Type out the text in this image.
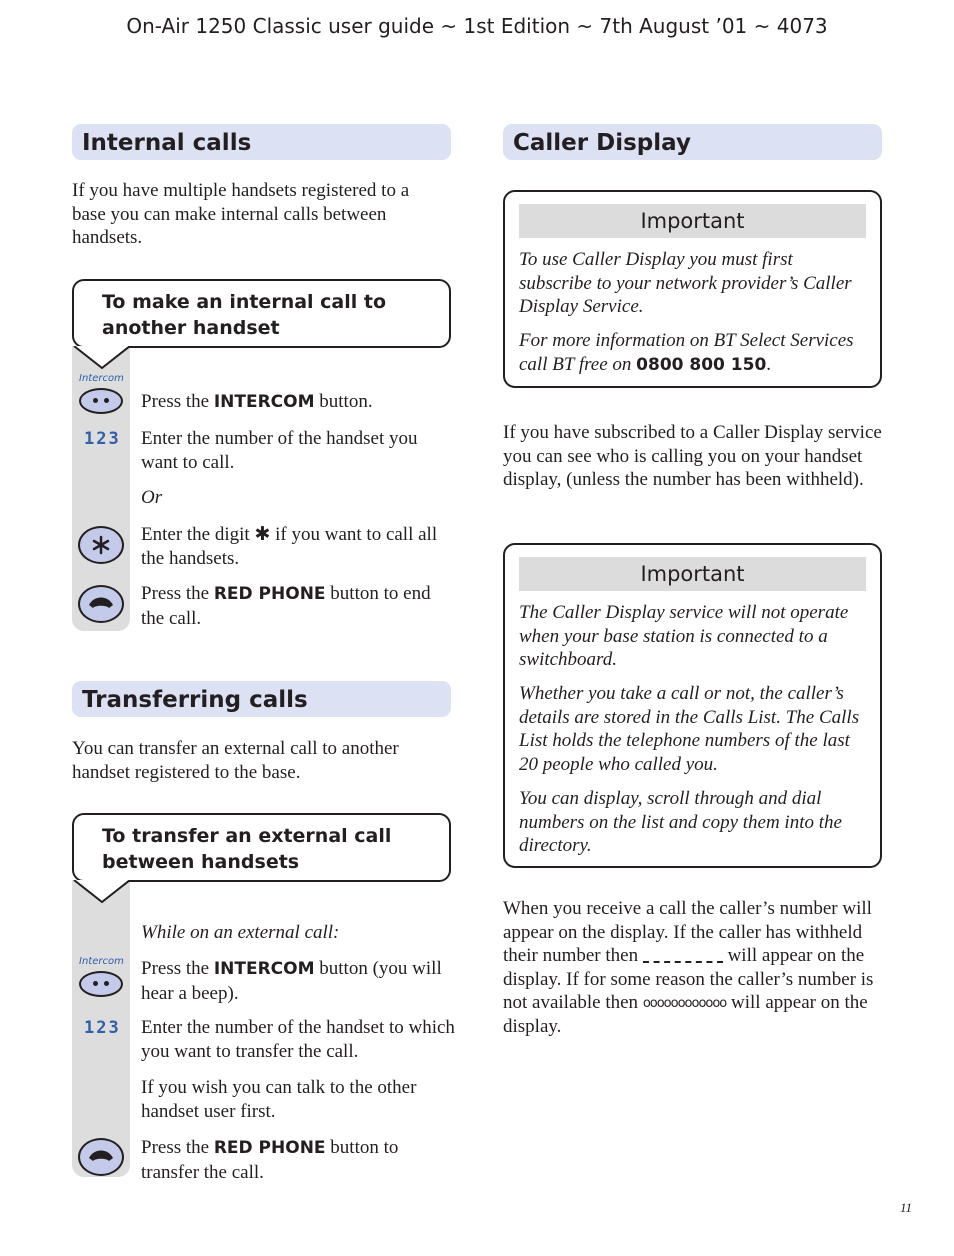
On-Air 1250 Classic user guide ~ 1st Edition ~ 7th August ’01 ~ 4073
Internal calls
If you have multiple handsets registered to a base you can make internal calls between handsets.
To make an internal call to
another handset
Intercom
Press the INTERCOM button.
123 Enter the number of the handset you want to call.
Or
Enter the digit ✱ if you want to call all the handsets.
Press the RED PHONE button to end the call.
Transferring calls
You can transfer an external call to another handset registered to the base.
To transfer an external call
between handsets
While on an external call:
Intercom Press the INTERCOM button (you will hear a beep).
123 Enter the number of the handset to which you want to transfer the call.
If you wish you can talk to the other handset user first.
Press the RED PHONE button to transfer the call.
Caller Display
Important
To use Caller Display you must first subscribe to your network provider’s Caller Display Service.
For more information on BT Select Services call BT free on 0800 800 150.
If you have subscribed to a Caller Display service you can see who is calling you on your handset display, (unless the number has been withheld).
Important
The Caller Display service will not operate when your base station is connected to a switchboard.
Whether you take a call or not, the caller’s details are stored in the Calls List. The Calls List holds the telephone numbers of the last 20 people who called you.
You can display, scroll through and dial numbers on the list and copy them into the directory.
When you receive a call the caller’s number will appear on the display. If the caller has withheld their number then	will appear on the display. If for some reason the caller’s number is not available then oooooooooooo will appear on the display.
11
